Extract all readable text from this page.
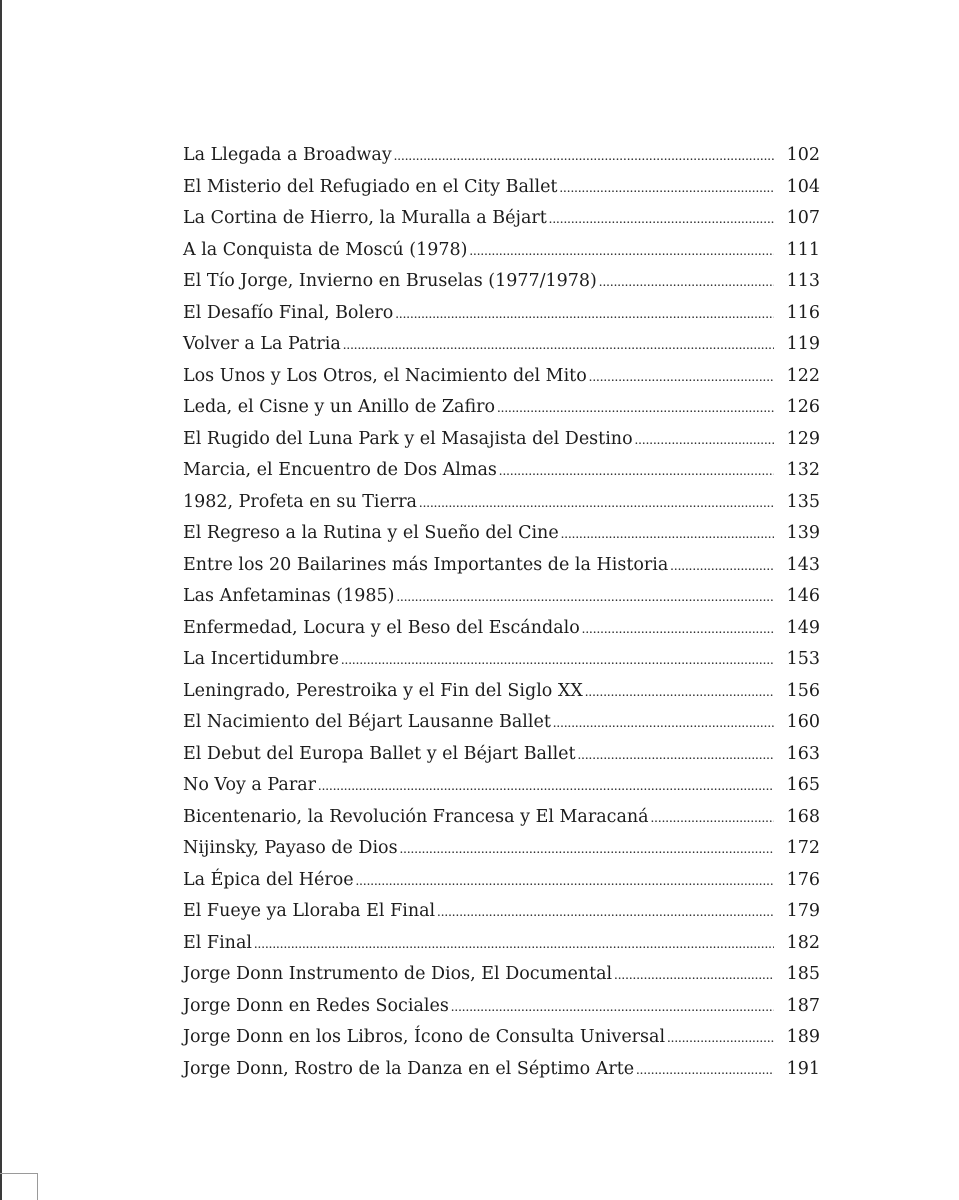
La Llegada a Broadway .....	102
El Misterio del Refugiado en el City Ballet .....	104
La Cortina de Hierro, la Muralla a Béjart .....	107
A la Conquista de Moscú (1978) .....	111
El Tío Jorge, Invierno en Bruselas (1977/1978) .....	113
El Desafío Final, Bolero .....	116
Volver a La Patria .....	119
Los Unos y Los Otros, el Nacimiento del Mito .....	122
Leda, el Cisne y un Anillo de Zafiro .....	126
El Rugido del Luna Park y el Masajista del Destino .....	129
Marcia, el Encuentro de Dos Almas .....	132
1982, Profeta en su Tierra .....	135
El Regreso a la Rutina y el Sueño del Cine .....	139
Entre los 20 Bailarines más Importantes de la Historia .....	143
Las Anfetaminas (1985) .....	146
Enfermedad, Locura y el Beso del Escándalo .....	149
La Incertidumbre .....	153
Leningrado, Perestroika y el Fin del Siglo XX .....	156
El Nacimiento del Béjart Lausanne Ballet .....	160
El Debut del Europa Ballet y el Béjart Ballet .....	163
No Voy a Parar .....	165
Bicentenario, la Revolución Francesa y El Maracaná .....	168
Nijinsky, Payaso de Dios .....	172
La Épica del Héroe .....	176
El Fueye ya Lloraba El Final .....	179
El Final .....	182
Jorge Donn Instrumento de Dios, El Documental .....	185
Jorge Donn en Redes Sociales .....	187
Jorge Donn en los Libros, Ícono de Consulta Universal .....	189
Jorge Donn, Rostro de la Danza en el Séptimo Arte .....	191
